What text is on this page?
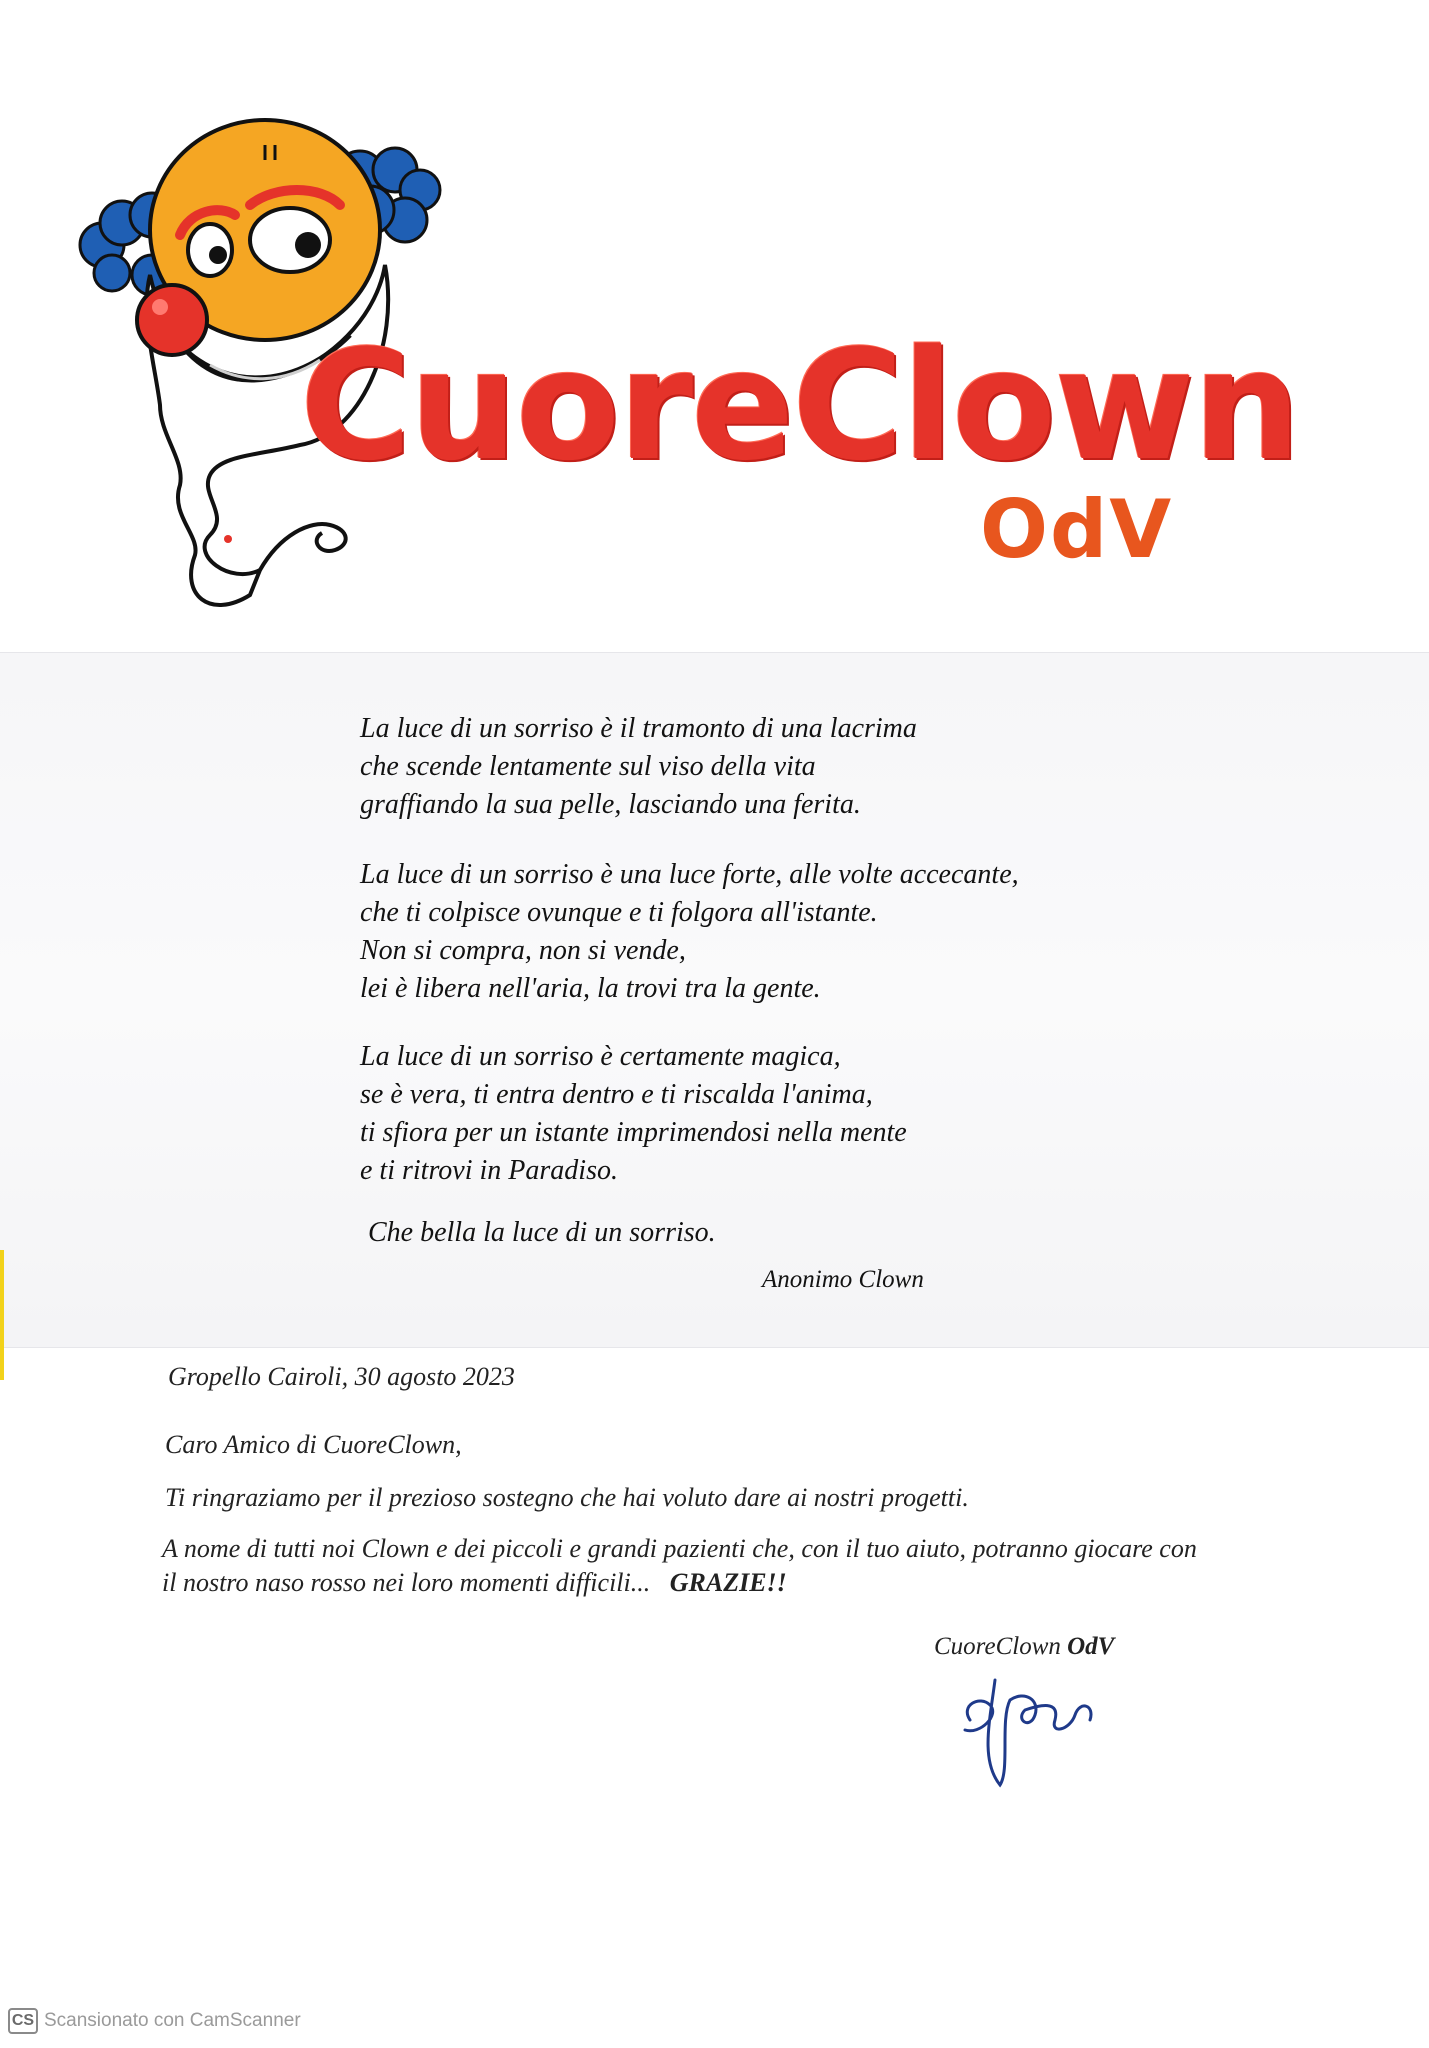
CuoreClown
OdV
La luce di un sorriso è il tramonto di una lacrima
che scende lentamente sul viso della vita
graffiando la sua pelle, lasciando una ferita.
La luce di un sorriso è una luce forte, alle volte accecante,
che ti colpisce ovunque e ti folgora all'istante.
Non si compra, non si vende,
lei è libera nell'aria, la trovi tra la gente.
La luce di un sorriso è certamente magica,
se è vera, ti entra dentro e ti riscalda l'anima,
ti sfiora per un istante imprimendosi nella mente
e ti ritrovi in Paradiso.
Che bella la luce di un sorriso.
Anonimo Clown
Gropello Cairoli, 30 agosto 2023
Caro Amico di CuoreClown,
Ti ringraziamo per il prezioso sostegno che hai voluto dare ai nostri progetti.
A nome di tutti noi Clown e dei piccoli e grandi pazienti che, con il tuo aiuto, potranno giocare con
il nostro naso rosso nei loro momenti difficili... GRAZIE!!
CuoreClown OdV
CS Scansionato con CamScanner
